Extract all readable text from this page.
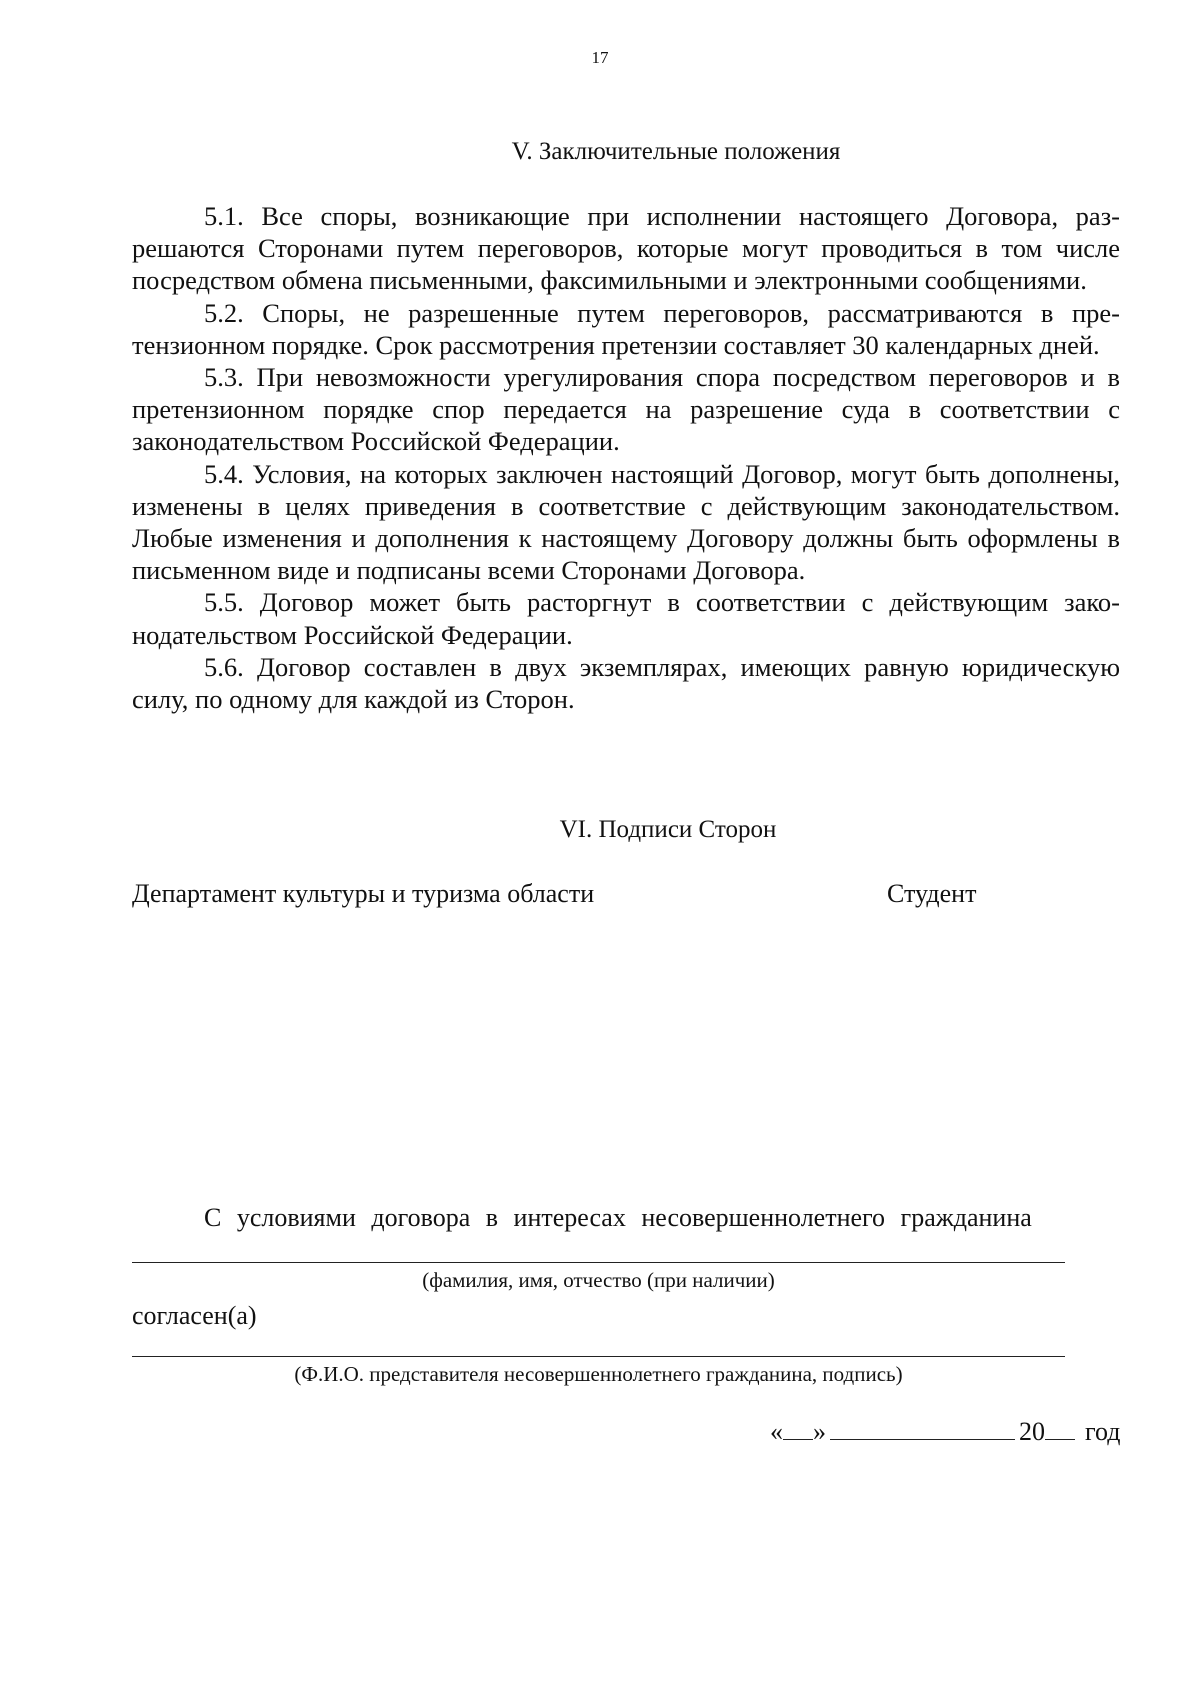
17
V. Заключительные положения

5.1. Все споры, возникающие при исполнении настоящего Договора, разрешаются Сторонами путем переговоров, которые могут проводиться в том числе посредством обмена письменными, факсимильными и электронными сообщениями.

5.2. Споры, не разрешенные путем переговоров, рассматриваются в претензионном порядке. Срок рассмотрения претензии составляет 30 календарных дней.

5.3. При невозможности урегулирования спора посредством переговоров и в претензионном порядке спор передается на разрешение суда в соответствии с законодательством Российской Федерации.

5.4. Условия, на которых заключен настоящий Договор, могут быть дополнены, изменены в целях приведения в соответствие с действующим законодательством. Любые изменения и дополнения к настоящему Договору должны быть оформлены в письменном виде и подписаны всеми Сторонами Договора.

5.5. Договор может быть расторгнут в соответствии с действующим законодательством Российской Федерации.

5.6. Договор составлен в двух экземплярах, имеющих равную юридическую силу, по одному для каждой из Сторон.

VI. Подписи Сторон
Департамент культуры и туризма области	Студент
С условиями договора в интересах несовершеннолетнего гражданина
(фамилия, имя, отчество (при наличии)
согласен(а)
(Ф.И.О. представителя несовершеннолетнего гражданина, подпись)
« »	20 год
